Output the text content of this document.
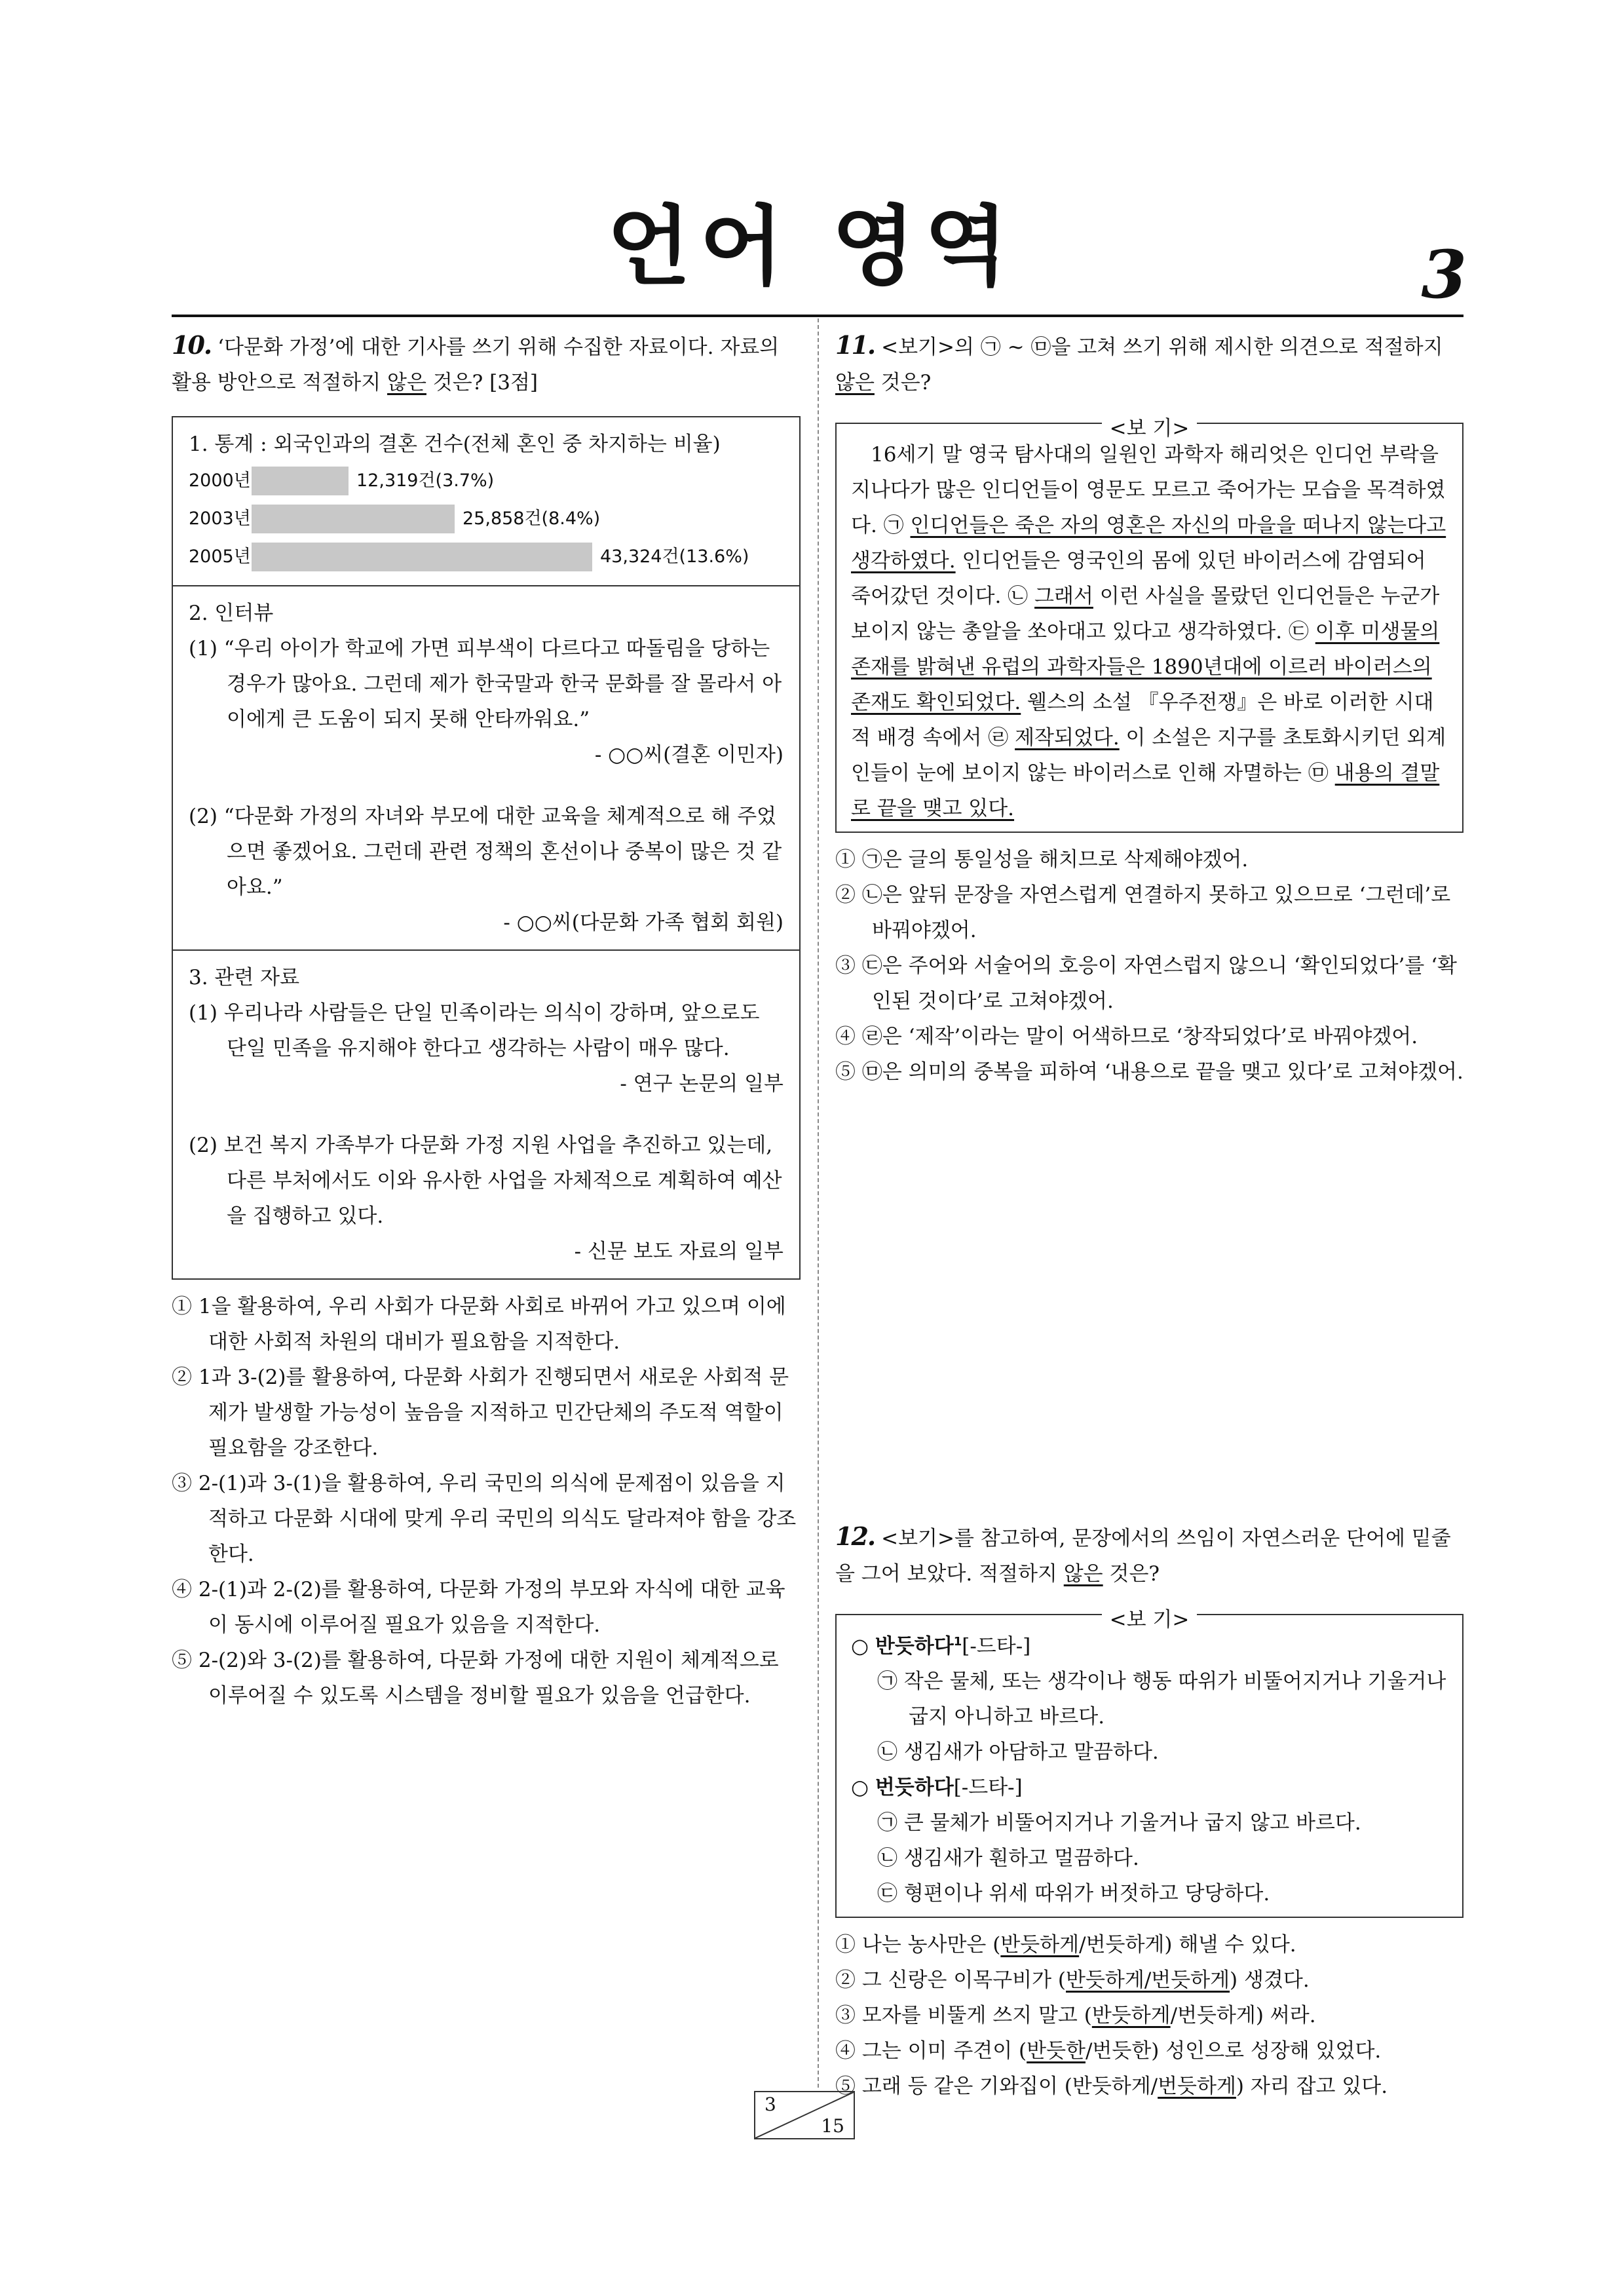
언어 영역	3
10. ‘다문화 가정’에 대한 기사를 쓰기 위해 수집한 자료이다. 자료의 활용 방안으로 적절하지 않은 것은? [3점]
1. 통계 : 외국인과의 결혼 건수(전체 혼인 중 차지하는 비율)
2000년	12,319건(3.7%)
2003년	25,858건(8.4%)
2005년	43,324건(13.6%)
2. 인터뷰
(1) “우리 아이가 학교에 가면 피부색이 다르다고 따돌림을 당하는 경우가 많아요. 그런데 제가 한국말과 한국 문화를 잘 몰라서 아이에게 큰 도움이 되지 못해 안타까워요.”
- ○○씨(결혼 이민자)
(2) “다문화 가정의 자녀와 부모에 대한 교육을 체계적으로 해 주었으면 좋겠어요. 그런데 관련 정책의 혼선이나 중복이 많은 것 같아요.”
- ○○씨(다문화 가족 협회 회원)
3. 관련 자료
(1) 우리나라 사람들은 단일 민족이라는 의식이 강하며, 앞으로도 단일 민족을 유지해야 한다고 생각하는 사람이 매우 많다.
- 연구 논문의 일부
(2) 보건 복지 가족부가 다문화 가정 지원 사업을 추진하고 있는데, 다른 부처에서도 이와 유사한 사업을 자체적으로 계획하여 예산을 집행하고 있다.
- 신문 보도 자료의 일부
① 1을 활용하여, 우리 사회가 다문화 사회로 바뀌어 가고 있으며 이에 대한 사회적 차원의 대비가 필요함을 지적한다.
② 1과 3-(2)를 활용하여, 다문화 사회가 진행되면서 새로운 사회적 문제가 발생할 가능성이 높음을 지적하고 민간단체의 주도적 역할이 필요함을 강조한다.
③ 2-(1)과 3-(1)을 활용하여, 우리 국민의 의식에 문제점이 있음을 지적하고 다문화 시대에 맞게 우리 국민의 의식도 달라져야 함을 강조한다.
④ 2-(1)과 2-(2)를 활용하여, 다문화 가정의 부모와 자식에 대한 교육이 동시에 이루어질 필요가 있음을 지적한다.
⑤ 2-(2)와 3-(2)를 활용하여, 다문화 가정에 대한 지원이 체계적으로 이루어질 수 있도록 시스템을 정비할 필요가 있음을 언급한다.
11. <보기>의 ㉠ ~ ㉤을 고쳐 쓰기 위해 제시한 의견으로 적절하지 않은 것은?
<보 기>
16세기 말 영국 탐사대의 일원인 과학자 해리엇은 인디언 부락을 지나다가 많은 인디언들이 영문도 모르고 죽어가는 모습을 목격하였다. ㉠ 인디언들은 죽은 자의 영혼은 자신의 마을을 떠나지 않는다고 생각하였다. 인디언들은 영국인의 몸에 있던 바이러스에 감염되어 죽어갔던 것이다. ㉡ 그래서 이런 사실을 몰랐던 인디언들은 누군가 보이지 않는 총알을 쏘아대고 있다고 생각하였다. ㉢ 이후 미생물의 존재를 밝혀낸 유럽의 과학자들은 1890년대에 이르러 바이러스의 존재도 확인되었다. 웰스의 소설 『우주전쟁』은 바로 이러한 시대적 배경 속에서 ㉣ 제작되었다. 이 소설은 지구를 초토화시키던 외계인들이 눈에 보이지 않는 바이러스로 인해 자멸하는 ㉤ 내용의 결말로 끝을 맺고 있다.
① ㉠은 글의 통일성을 해치므로 삭제해야겠어.
② ㉡은 앞뒤 문장을 자연스럽게 연결하지 못하고 있으므로 ‘그런데’로 바꿔야겠어.
③ ㉢은 주어와 서술어의 호응이 자연스럽지 않으니 ‘확인되었다’를 ‘확인된 것이다’로 고쳐야겠어.
④ ㉣은 ‘제작’이라는 말이 어색하므로 ‘창작되었다’로 바꿔야겠어.
⑤ ㉤은 의미의 중복을 피하여 ‘내용으로 끝을 맺고 있다’로 고쳐야겠어.
12. <보기>를 참고하여, 문장에서의 쓰임이 자연스러운 단어에 밑줄을 그어 보았다. 적절하지 않은 것은?
<보 기>
○ 반듯하다$^1$[-드타-]
㉠ 작은 물체, 또는 생각이나 행동 따위가 비뚤어지거나 기울거나 굽지 아니하고 바르다.
㉡ 생김새가 아담하고 말끔하다.
○ 번듯하다[-드타-]
㉠ 큰 물체가 비뚤어지거나 기울거나 굽지 않고 바르다.
㉡ 생김새가 훤하고 멀끔하다.
㉢ 형편이나 위세 따위가 버젓하고 당당하다.
① 나는 농사만은 (반듯하게/번듯하게) 해낼 수 있다.
② 그 신랑은 이목구비가 (반듯하게/번듯하게) 생겼다.
③ 모자를 비뚤게 쓰지 말고 (반듯하게/번듯하게) 써라.
④ 그는 이미 주견이 (반듯한/번듯한) 성인으로 성장해 있었다.
⑤ 고래 등 같은 기와집이 (반듯하게/번듯하게) 자리 잡고 있다.
3
15
